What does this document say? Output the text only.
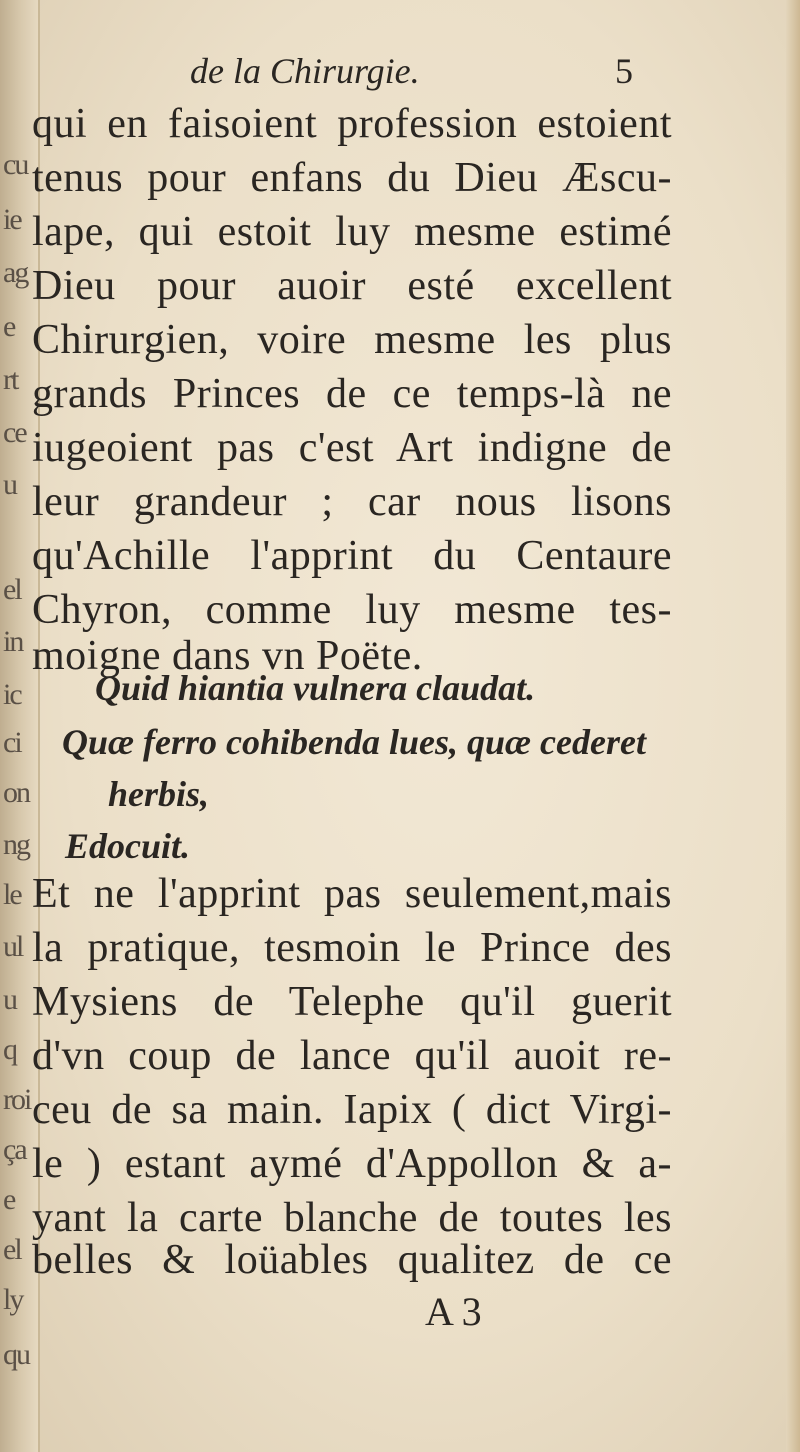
cu
ie
ag
e
rt
ce
u
el
in
ic
ci
on
ng
le
ul
u
q
roi
ça
e
el
ly
qu
de la Chirurgie.	5
qui en faisoient profession estoient
tenus pour enfans du Dieu Æscu-
lape, qui estoit luy mesme estimé
Dieu pour auoir esté excellent
Chirurgien, voire mesme les plus
grands Princes de ce temps-là ne
iugeoient pas c'est Art indigne de
leur grandeur ; car nous lisons
qu'Achille l'apprint du Centaure
Chyron, comme luy mesme tes-
moigne dans vn Poëte.
Quid hiantia vulnera claudat.
Quæ ferro cohibenda lues, quæ cederet
herbis,
Edocuit.
Et ne l'apprint pas seulement,mais
la pratique, tesmoin le Prince des
Mysiens de Telephe qu'il guerit
d'vn coup de lance qu'il auoit re-
ceu de sa main. Iapix ( dict Virgi-
le ) estant aymé d'Appollon & a-
yant la carte blanche de toutes les
belles & loüables qualitez de ce
A 3
